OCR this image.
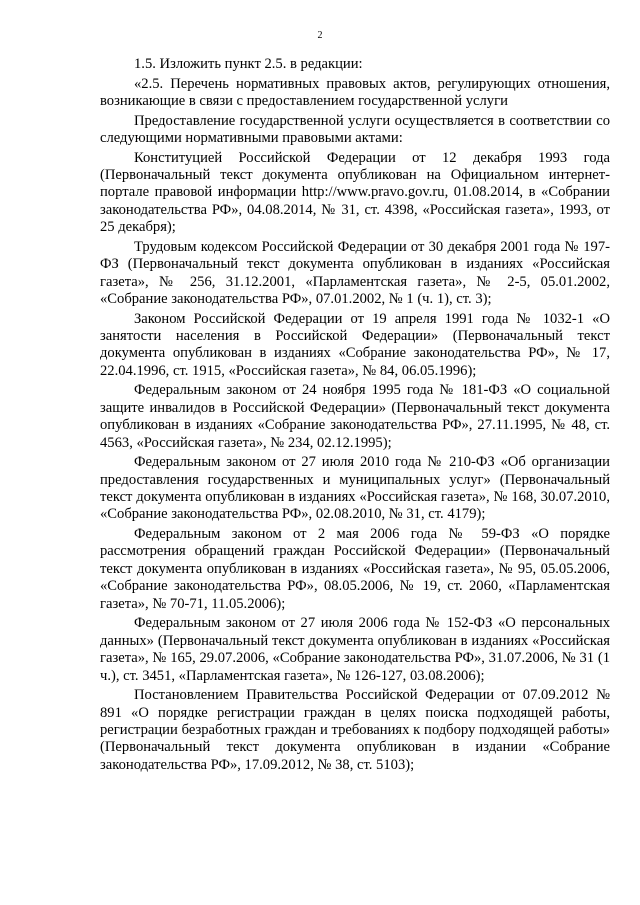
2

1.5. Изложить пункт 2.5. в редакции:

«2.5. Перечень нормативных правовых актов, регулирующих отношения, возникающие в связи с предоставлением государственной услуги

Предоставление государственной услуги осуществляется в соответствии со следующими нормативными правовыми актами:

Конституцией Российской Федерации от 12 декабря 1993 года (Первоначальный текст документа опубликован на Официальном интернет-портале правовой информации http://www.pravo.gov.ru, 01.08.2014, в «Собрании законодательства РФ», 04.08.2014, № 31, ст. 4398, «Российская газета», 1993, от 25 декабря);

Трудовым кодексом Российской Федерации от 30 декабря 2001 года № 197-ФЗ (Первоначальный текст документа опубликован в изданиях «Российская газета», № 256, 31.12.2001, «Парламентская газета», № 2-5, 05.01.2002, «Собрание законодательства РФ», 07.01.2002, № 1 (ч. 1), ст. 3);

Законом Российской Федерации от 19 апреля 1991 года № 1032-1 «О занятости населения в Российской Федерации» (Первоначальный текст документа опубликован в изданиях «Собрание законодательства РФ», № 17, 22.04.1996, ст. 1915, «Российская газета», № 84, 06.05.1996);

Федеральным законом от 24 ноября 1995 года № 181-ФЗ «О социальной защите инвалидов в Российской Федерации» (Первоначальный текст документа опубликован в изданиях «Собрание законодательства РФ», 27.11.1995, № 48, ст. 4563, «Российская газета», № 234, 02.12.1995);

Федеральным законом от 27 июля 2010 года № 210-ФЗ «Об организации предоставления государственных и муниципальных услуг» (Первоначальный текст документа опубликован в изданиях «Российская газета», № 168, 30.07.2010, «Собрание законодательства РФ», 02.08.2010, № 31, ст. 4179);

Федеральным законом от 2 мая 2006 года № 59-ФЗ «О порядке рассмотрения обращений граждан Российской Федерации» (Первоначальный текст документа опубликован в изданиях «Российская газета», № 95, 05.05.2006, «Собрание законодательства РФ», 08.05.2006, № 19, ст. 2060, «Парламентская газета», № 70-71, 11.05.2006);

Федеральным законом от 27 июля 2006 года № 152-ФЗ «О персональных данных» (Первоначальный текст документа опубликован в изданиях «Российская газета», № 165, 29.07.2006, «Собрание законодательства РФ», 31.07.2006, № 31 (1 ч.), ст. 3451, «Парламентская газета», № 126-127, 03.08.2006);

Постановлением Правительства Российской Федерации от 07.09.2012 № 891 «О порядке регистрации граждан в целях поиска подходящей работы, регистрации безработных граждан и требованиях к подбору подходящей работы» (Первоначальный текст документа опубликован в издании «Собрание законодательства РФ», 17.09.2012, № 38, ст. 5103);
